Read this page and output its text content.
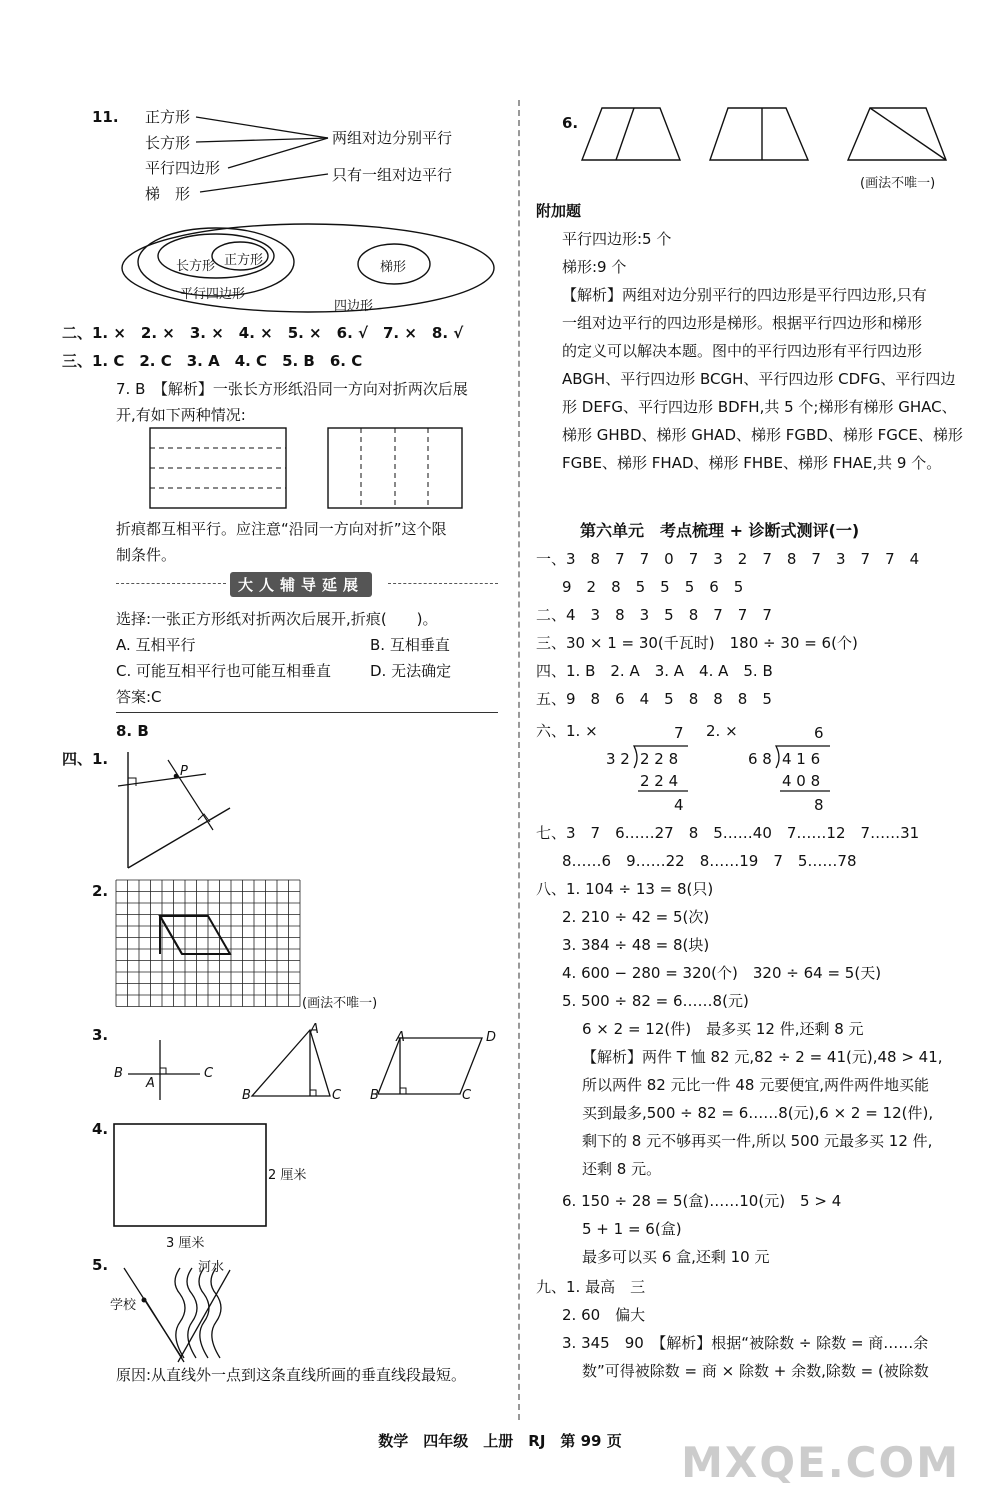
11. 正方形
长方形
平行四边形
梯　形
两组对边分别平行
只有一组对边平行
正方形
长方形
平行四边形
四边形
梯形
二、1. ×　2. ×　3. ×　4. ×　5. ×　6. √　7. ×　8. √
三、1. C　2. C　3. A　4. C　5. B　6. C
7. B　【解析】一张长方形纸沿同一方向对折两次后展
开,有如下两种情况:
折痕都互相平行。应注意“沿同一方向对折”这个限
制条件。
大人辅导延展
选择:一张正方形纸对折两次后展开,折痕(　　)。
A. 互相平行	B. 互相垂直
C. 可能互相平行也可能互相垂直	D. 无法确定
答案:C
8. B
四、1.
P
2.
(画法不唯一)
3.
B	C
A
A
B	C
A	D
B	C
4.
2 厘米
3 厘米
5.
学校
河水
原因:从直线外一点到这条直线所画的垂直线段最短。
6.
(画法不唯一)
附加题
平行四边形:5 个
梯形:9 个
【解析】两组对边分别平行的四边形是平行四边形,只有
一组对边平行的四边形是梯形。根据平行四边形和梯形
的定义可以解决本题。图中的平行四边形有平行四边形
ABGH、平行四边形 BCGH、平行四边形 CDFG、平行四边
形 DEFG、平行四边形 BDFH,共 5 个;梯形有梯形 GHAC、
梯形 GHBD、梯形 GHAD、梯形 FGBD、梯形 FGCE、梯形
FGBE、梯形 FHAD、梯形 FHBE、梯形 FHAE,共 9 个。
第六单元　考点梳理 + 诊断式测评(一)
一、3　8　7　7　0　7　3　2　7　8　7　3　7　7　4
9　2　8　5　5　5　6　5
二、4　3　8　3　5　8　7　7　7
三、30 × 1 = 30(千瓦时)　180 ÷ 30 = 6(个)
四、1. B　2. A　3. A　4. A　5. B
五、9　8　6　4　5　8　8　8　5
六、1. ×	2. ×
7
3 2 2 2 8
2 2 4
4
6
6 8 4 1 6
4 0 8
8
七、3　7　6……27　8　5……40　7……12　7……31
8……6　9……22　8……19　7　5……78
八、1. 104 ÷ 13 = 8(只)
2. 210 ÷ 42 = 5(次)
3. 384 ÷ 48 = 8(块)
4. 600 − 280 = 320(个)　320 ÷ 64 = 5(天)
5. 500 ÷ 82 = 6……8(元)
6 × 2 = 12(件)　最多买 12 件,还剩 8 元
【解析】两件 T 恤 82 元,82 ÷ 2 = 41(元),48 > 41,
所以两件 82 元比一件 48 元要便宜,两件两件地买能
买到最多,500 ÷ 82 = 6……8(元),6 × 2 = 12(件),
剩下的 8 元不够再买一件,所以 500 元最多买 12 件,
还剩 8 元。
6. 150 ÷ 28 = 5(盒)……10(元)　5 > 4
5 + 1 = 6(盒)
最多可以买 6 盒,还剩 10 元
九、1. 最高　三
2. 60　偏大
3. 345　90　【解析】根据“被除数 ÷ 除数 = 商……余
数”可得被除数 = 商 × 除数 + 余数,除数 = (被除数
数学　四年级　上册　RJ　第 99 页	MXQE.COM
